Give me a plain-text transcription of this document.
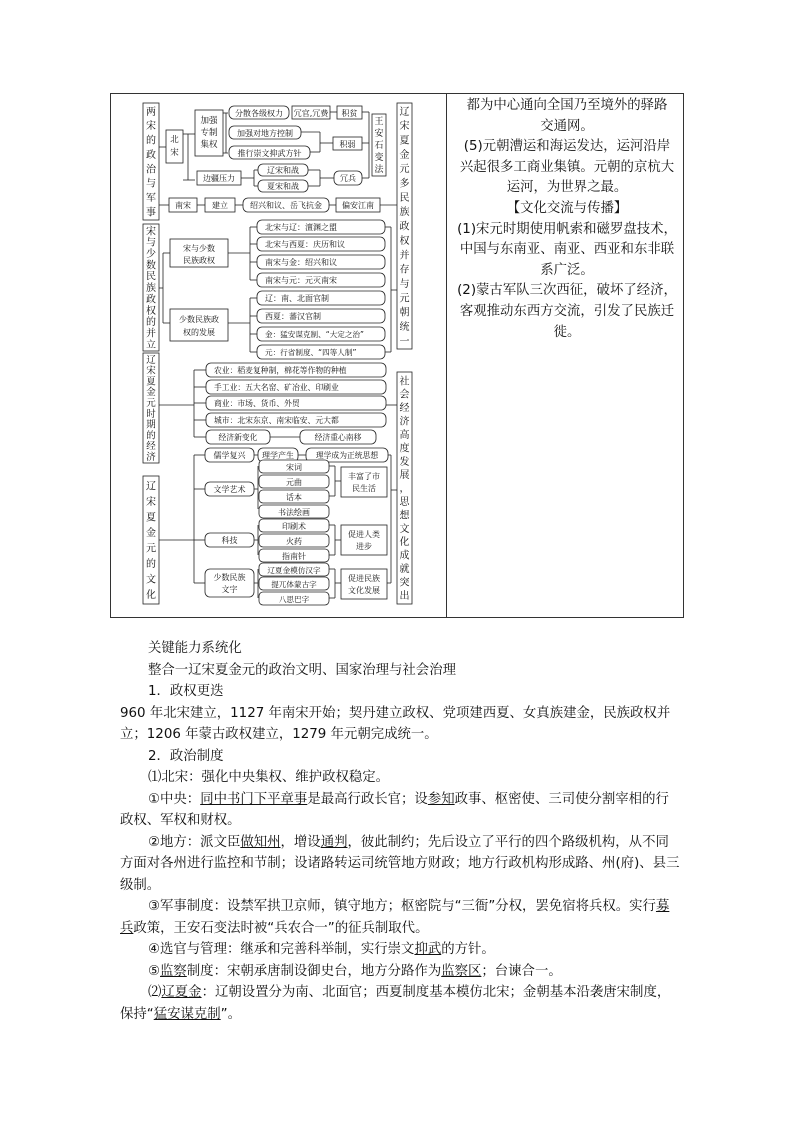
两
宋
的
政
治
与
军
事
宋
与
少
数
民
族
政
权
的
并
立
辽
宋
夏
金
元
时
期
的
经
济
辽
宋
夏
金
元
的
文
化
辽
宋
夏
金
元
多
民
族
政
权
并
存
与
元
朝
统
一
社
会
经
济
高
度
发
展
，
思
想
文
化
成
就
突
出
北
宋
加强
专制
集权
分散各级权力 冗官,冗费 积贫
加强对地方控制
推行崇文抑武方针
积弱
王
安
石
变
法
边疆压力
辽宋和战
夏宋和战
冗兵
南宋	建立	绍兴和议、岳飞抗金	偏安江南
宋与少数
民族政权
北宋与辽：澶渊之盟
北宋与西夏：庆历和议
南宋与金：绍兴和议
南宋与元：元灭南宋
少数民族政
权的发展
辽：南、北面官制
西夏：蕃汉官制
金：猛安谋克制、“大定之治”
元：行省制度、“四等人制”
农业：稻麦复种制，棉花等作物的种植
手工业：五大名窑、矿冶业、印刷业
商业：市场、货币、外贸
城市：北宋东京、南宋临安、元大都
经济新变化	经济重心南移
儒学复兴 理学产生	理学成为正统思想
文学艺术
宋词
元曲
话本
书法绘画
丰富了市
民生活
科技
印刷术
火药
指南针
促进人类
进步
少数民族
文字
辽夏金模仿汉字
提兀体蒙古字
八思巴字
促进民族
文化发展

都为中心通向全国乃至境外的驿路

交通网。

(5)元朝漕运和海运发达，运河沿岸

兴起很多工商业集镇。元朝的京杭大

运河，为世界之最。

【文化交流与传播】

(1)宋元时期使用帆索和磁罗盘技术，

中国与东南亚、南亚、西亚和东非联

系广泛。

(2)蒙古军队三次西征，破坏了经济，

客观推动东西方交流，引发了民族迁

徙。

关键能力系统化

整合一辽宋夏金元的政治文明、国家治理与社会治理

1．政权更迭

960 年北宋建立，1127 年南宋开始；契丹建立政权、党项建西夏、女真族建金，民族政权并立；1206 年蒙古政权建立，1279 年元朝完成统一。

2．政治制度

⑴北宋：强化中央集权、维护政权稳定。

①中央：同中书门下平章事是最高行政长官；设参知政事、枢密使、三司使分割宰相的行政权、军权和财权。

②地方：派文臣做知州，增设通判，彼此制约；先后设立了平行的四个路级机构，从不同方面对各州进行监控和节制；设诸路转运司统管地方财政；地方行政机构形成路、州(府)、县三级制。

③军事制度：设禁军拱卫京师，镇守地方；枢密院与“三衙”分权，罢免宿将兵权。实行募兵政策，王安石变法时被“兵农合一”的征兵制取代。

④选官与管理：继承和完善科举制，实行崇文抑武的方针。

⑤监察制度：宋朝承唐制设御史台，地方分路作为监察区；台谏合一。

⑵辽夏金：辽朝设置分为南、北面官；西夏制度基本模仿北宋；金朝基本沿袭唐宋制度，保持“猛安谋克制”。
